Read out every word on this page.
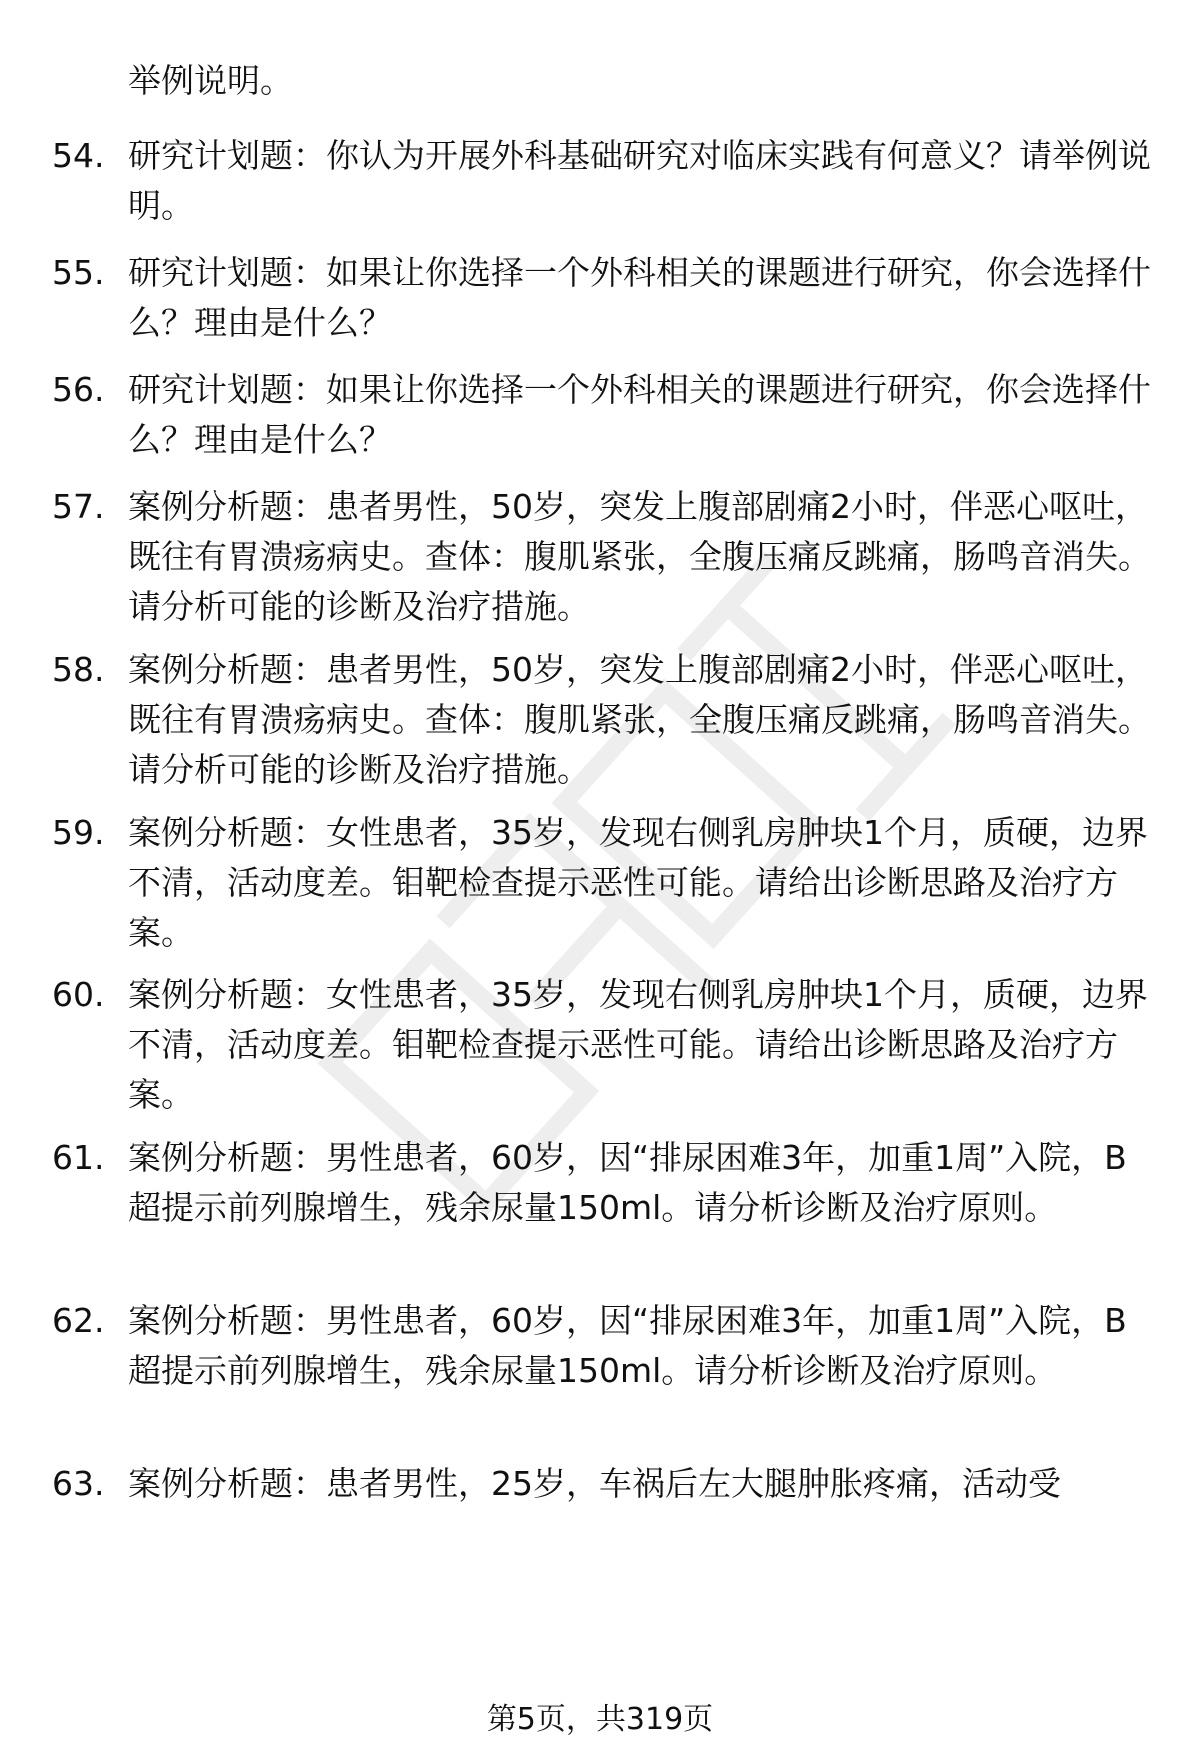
举例说明。
54. 研究计划题：你认为开展外科基础研究对临床实践有何意义？请举例说明。
55. 研究计划题：如果让你选择一个外科相关的课题进行研究，你会选择什么？理由是什么？
56. 研究计划题：如果让你选择一个外科相关的课题进行研究，你会选择什么？理由是什么？
57. 案例分析题：患者男性，50岁，突发上腹部剧痛2小时，伴恶心呕吐，既往有胃溃疡病史。查体：腹肌紧张，全腹压痛反跳痛，肠鸣音消失。请分析可能的诊断及治疗措施。
58. 案例分析题：患者男性，50岁，突发上腹部剧痛2小时，伴恶心呕吐，既往有胃溃疡病史。查体：腹肌紧张，全腹压痛反跳痛，肠鸣音消失。请分析可能的诊断及治疗措施。
59. 案例分析题：女性患者，35岁，发现右侧乳房肿块1个月，质硬，边界不清，活动度差。钼靶检查提示恶性可能。请给出诊断思路及治疗方案。
60. 案例分析题：女性患者，35岁，发现右侧乳房肿块1个月，质硬，边界不清，活动度差。钼靶检查提示恶性可能。请给出诊断思路及治疗方案。
61. 案例分析题：男性患者，60岁，因“排尿困难3年，加重1周”入院，B超提示前列腺增生，残余尿量150ml。请分析诊断及治疗原则。
62. 案例分析题：男性患者，60岁，因“排尿困难3年，加重1周”入院，B超提示前列腺增生，残余尿量150ml。请分析诊断及治疗原则。
63. 案例分析题：患者男性，25岁，车祸后左大腿肿胀疼痛，活动受
第5页，共319页
